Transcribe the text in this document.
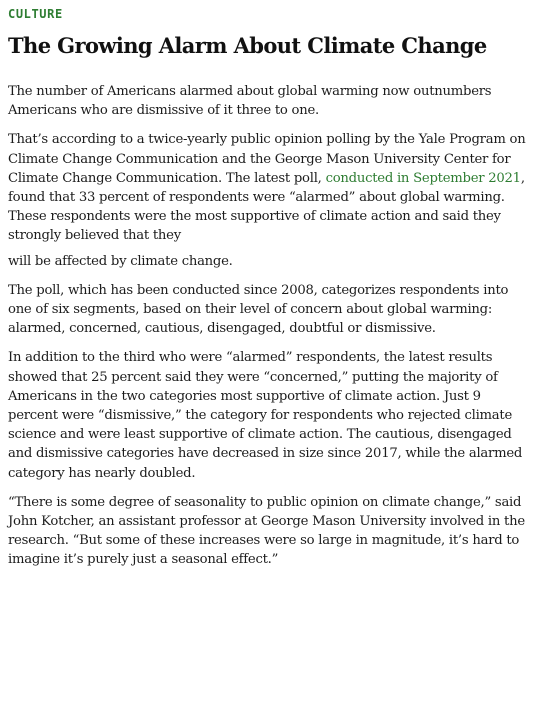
CULTURE
The Growing Alarm About Climate Change

The number of Americans alarmed about global warming now outnumbers Americans who are dismissive of it three to one.

That’s according to a twice-yearly public opinion polling by the Yale Program on Climate Change Communication and the George Mason University Center for Climate Change Communication. The latest poll, conducted in September 2021, found that 33 percent of respondents were “alarmed” about global warming. These respondents were the most supportive of climate action and said they strongly believed that they

will be affected by climate change.

The poll, which has been conducted since 2008, categorizes respondents into one of six segments, based on their level of concern about global warming: alarmed, concerned, cautious, disengaged, doubtful or dismissive.

In addition to the third who were “alarmed” respondents, the latest results showed that 25 percent said they were “concerned,” putting the majority of Americans in the two categories most supportive of climate action. Just 9 percent were “dismissive,” the category for respondents who rejected climate science and were least supportive of climate action. The cautious, disengaged and dismissive categories have decreased in size since 2017, while the alarmed category has nearly doubled.

“There is some degree of seasonality to public opinion on climate change,” said John Kotcher, an assistant professor at George Mason University involved in the research. “But some of these increases were so large in magnitude, it’s hard to imagine it’s purely just a seasonal effect.”
